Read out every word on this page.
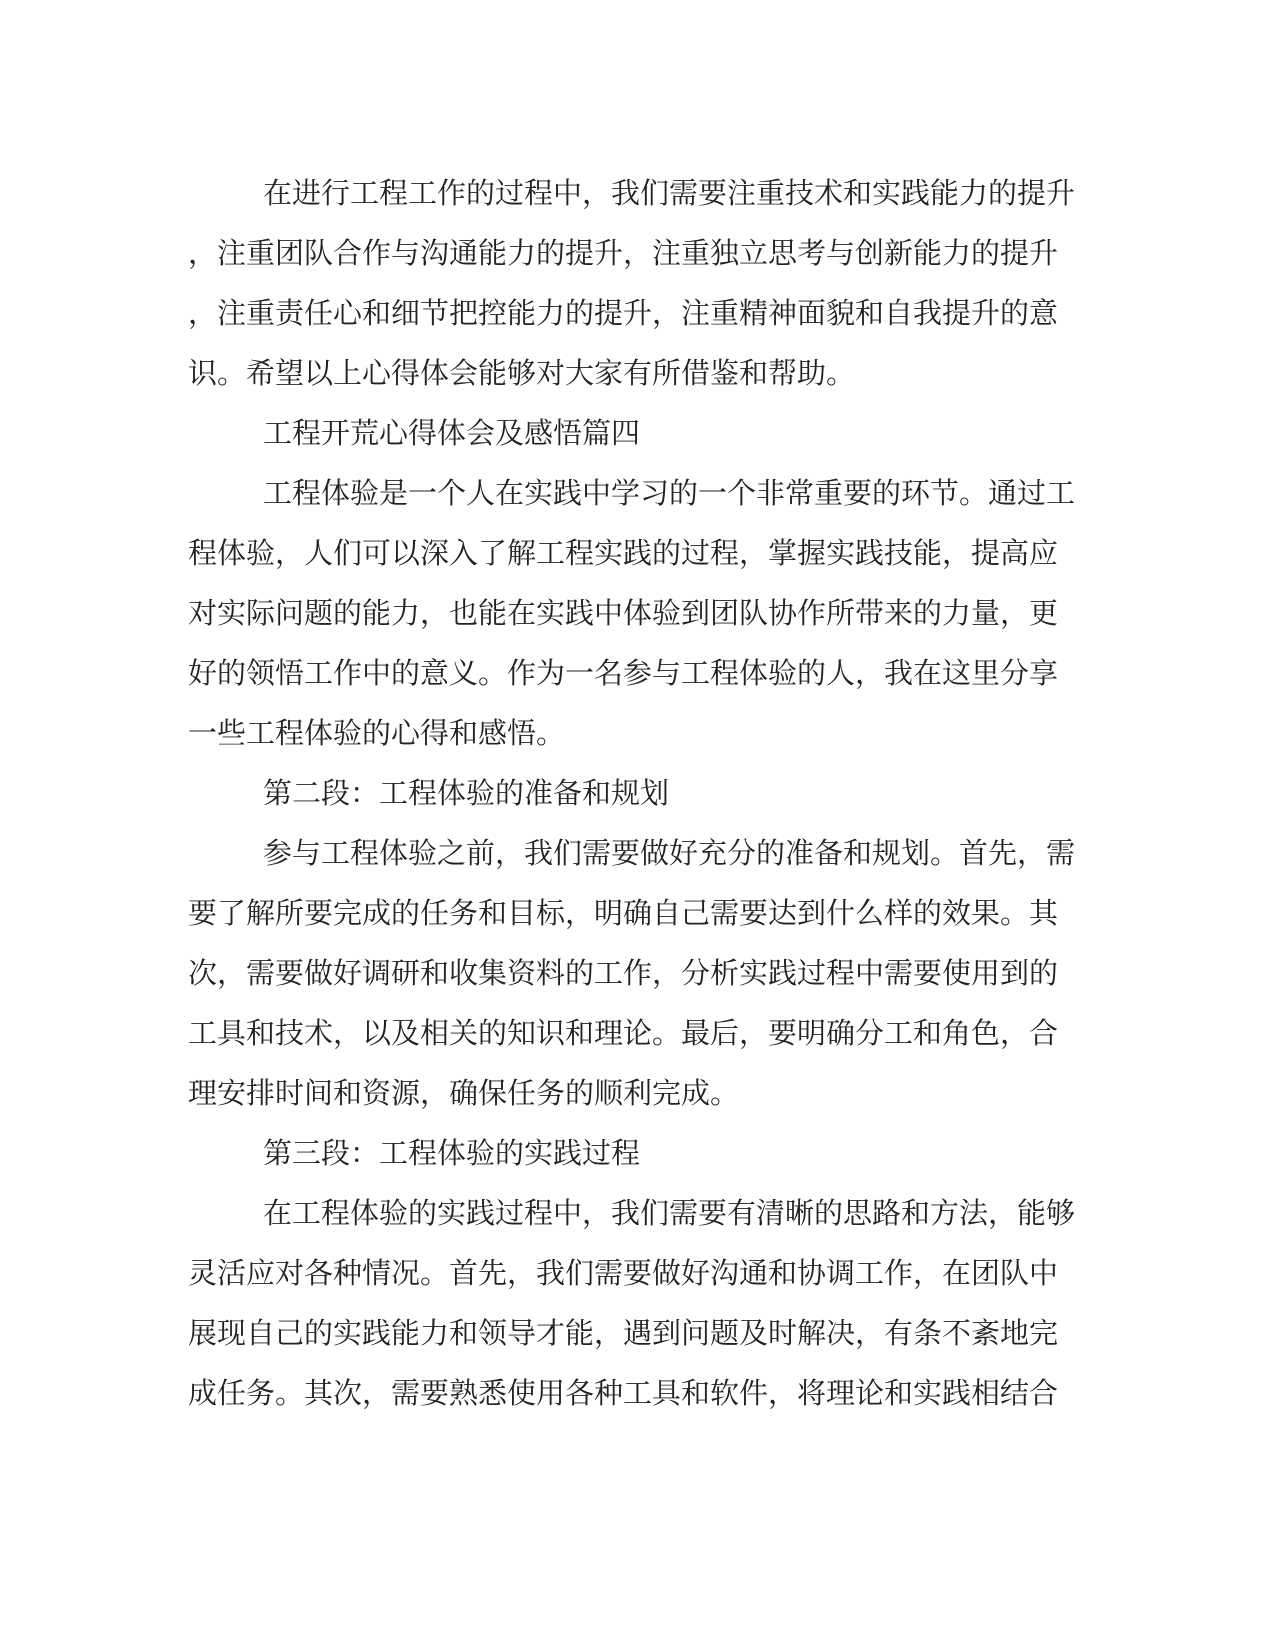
在进行工程工作的过程中，我们需要注重技术和实践能力的提升
，注重团队合作与沟通能力的提升，注重独立思考与创新能力的提升
，注重责任心和细节把控能力的提升，注重精神面貌和自我提升的意
识。希望以上心得体会能够对大家有所借鉴和帮助。
工程开荒心得体会及感悟篇四
工程体验是一个人在实践中学习的一个非常重要的环节。通过工
程体验，人们可以深入了解工程实践的过程，掌握实践技能，提高应
对实际问题的能力，也能在实践中体验到团队协作所带来的力量，更
好的领悟工作中的意义。作为一名参与工程体验的人，我在这里分享
一些工程体验的心得和感悟。
第二段：工程体验的准备和规划
参与工程体验之前，我们需要做好充分的准备和规划。首先，需
要了解所要完成的任务和目标，明确自己需要达到什么样的效果。其
次，需要做好调研和收集资料的工作，分析实践过程中需要使用到的
工具和技术，以及相关的知识和理论。最后，要明确分工和角色，合
理安排时间和资源，确保任务的顺利完成。
第三段：工程体验的实践过程
在工程体验的实践过程中，我们需要有清晰的思路和方法，能够
灵活应对各种情况。首先，我们需要做好沟通和协调工作，在团队中
展现自己的实践能力和领导才能，遇到问题及时解决，有条不紊地完
成任务。其次，需要熟悉使用各种工具和软件，将理论和实践相结合
